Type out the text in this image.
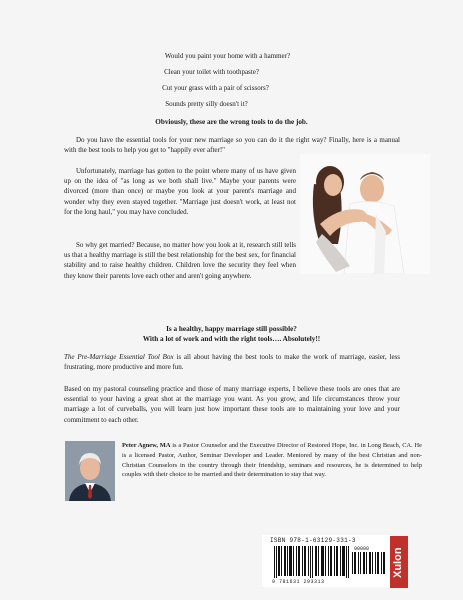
Would you paint your home with a hammer?
Clean your toilet with toothpaste?
Cut your grass with a pair of scissors?
Sounds pretty silly doesn't it?
Obviously, these are the wrong tools to do the job.
Do you have the essential tools for your new marriage so you can do it the right way? Finally, here is a manual with the best tools to help you get to "happily ever after!"
Unfortunately, marriage has gotten to the point where many of us have given up on the idea of "as long as we both shall live." Maybe your parents were divorced (more than once) or maybe you look at your parent's marriage and wonder why they even stayed together. "Marriage just doesn't work, at least not for the long haul," you may have concluded.
So why get married? Because, no matter how you look at it, research still tells us that a healthy marriage is still the best relationship for the best sex, for financial stability and to raise healthy children. Children love the security they feel when they know their parents love each other and aren't going anywhere.
Is a healthy, happy marriage still possible?
With a lot of work and with the right tools…. Absolutely!!
The Pre-Marriage Essential Tool Box is all about having the best tools to make the work of marriage, easier, less frustrating, more productive and more fun.
Based on my pastoral counseling practice and those of many marriage experts, I believe these tools are ones that are essential to your having a great shot at the marriage you want. As you grow, and life circumstances throw your marriage a lot of curveballs, you will learn just how important these tools are to maintaining your love and your commitment to each other.
Peter Agnew, MA is a Pastor Counselor and the Executive Director of Restored Hope, Inc. in Long Beach, CA. He is a licensed Pastor, Author, Seminar Developer and Leader. Mentored by many of the best Christian and non-Christian Counselors in the country through their friendship, seminars and resources, he is determined to help couples with their choice to be married and their determination to stay that way.
ISBN 978-1-63129-331-3
90000
9 781631 293313
Xulon
